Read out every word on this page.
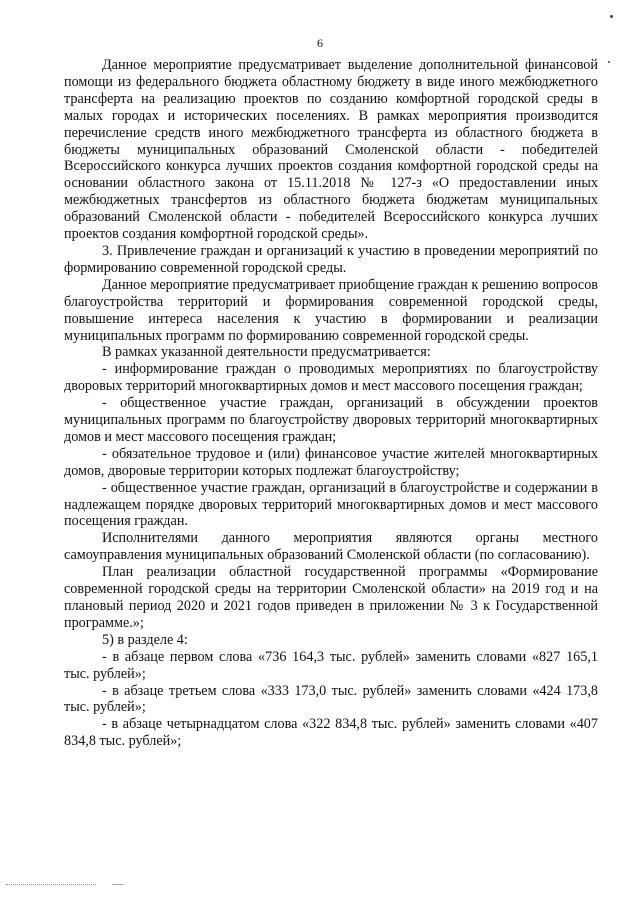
6

Данное мероприятие предусматривает выделение дополнительной финансовой помощи из федерального бюджета областному бюджету в виде иного межбюджетного трансферта на реализацию проектов по созданию комфортной городской среды в малых городах и исторических поселениях. В рамках мероприятия производится перечисление средств иного межбюджетного трансферта из областного бюджета в бюджеты муниципальных образований Смоленской области - победителей Всероссийского конкурса лучших проектов создания комфортной городской среды на основании областного закона от 15.11.2018 № 127-з «О предоставлении иных межбюджетных трансфертов из областного бюджета бюджетам муниципальных образований Смоленской области - победителей Всероссийского конкурса лучших проектов создания комфортной городской среды».

3. Привлечение граждан и организаций к участию в проведении мероприятий по формированию современной городской среды.

Данное мероприятие предусматривает приобщение граждан к решению вопросов благоустройства территорий и формирования современной городской среды, повышение интереса населения к участию в формировании и реализации муниципальных программ по формированию современной городской среды.

В рамках указанной деятельности предусматривается:

- информирование граждан о проводимых мероприятиях по благоустройству дворовых территорий многоквартирных домов и мест массового посещения граждан;

- общественное участие граждан, организаций в обсуждении проектов муниципальных программ по благоустройству дворовых территорий многоквартирных домов и мест массового посещения граждан;

- обязательное трудовое и (или) финансовое участие жителей многоквартирных домов, дворовые территории которых подлежат благоустройству;

- общественное участие граждан, организаций в благоустройстве и содержании в надлежащем порядке дворовых территорий многоквартирных домов и мест массового посещения граждан.

Исполнителями данного мероприятия являются органы местного самоуправления муниципальных образований Смоленской области (по согласованию).

План реализации областной государственной программы «Формирование современной городской среды на территории Смоленской области» на 2019 год и на плановый период 2020 и 2021 годов приведен в приложении № 3 к Государственной программе.»;

5) в разделе 4:

- в абзаце первом слова «736 164,3 тыс. рублей» заменить словами «827 165,1 тыс. рублей»;

- в абзаце третьем слова «333 173,0 тыс. рублей» заменить словами «424 173,8 тыс. рублей»;

- в абзаце четырнадцатом слова «322 834,8 тыс. рублей» заменить словами «407 834,8 тыс. рублей»;
